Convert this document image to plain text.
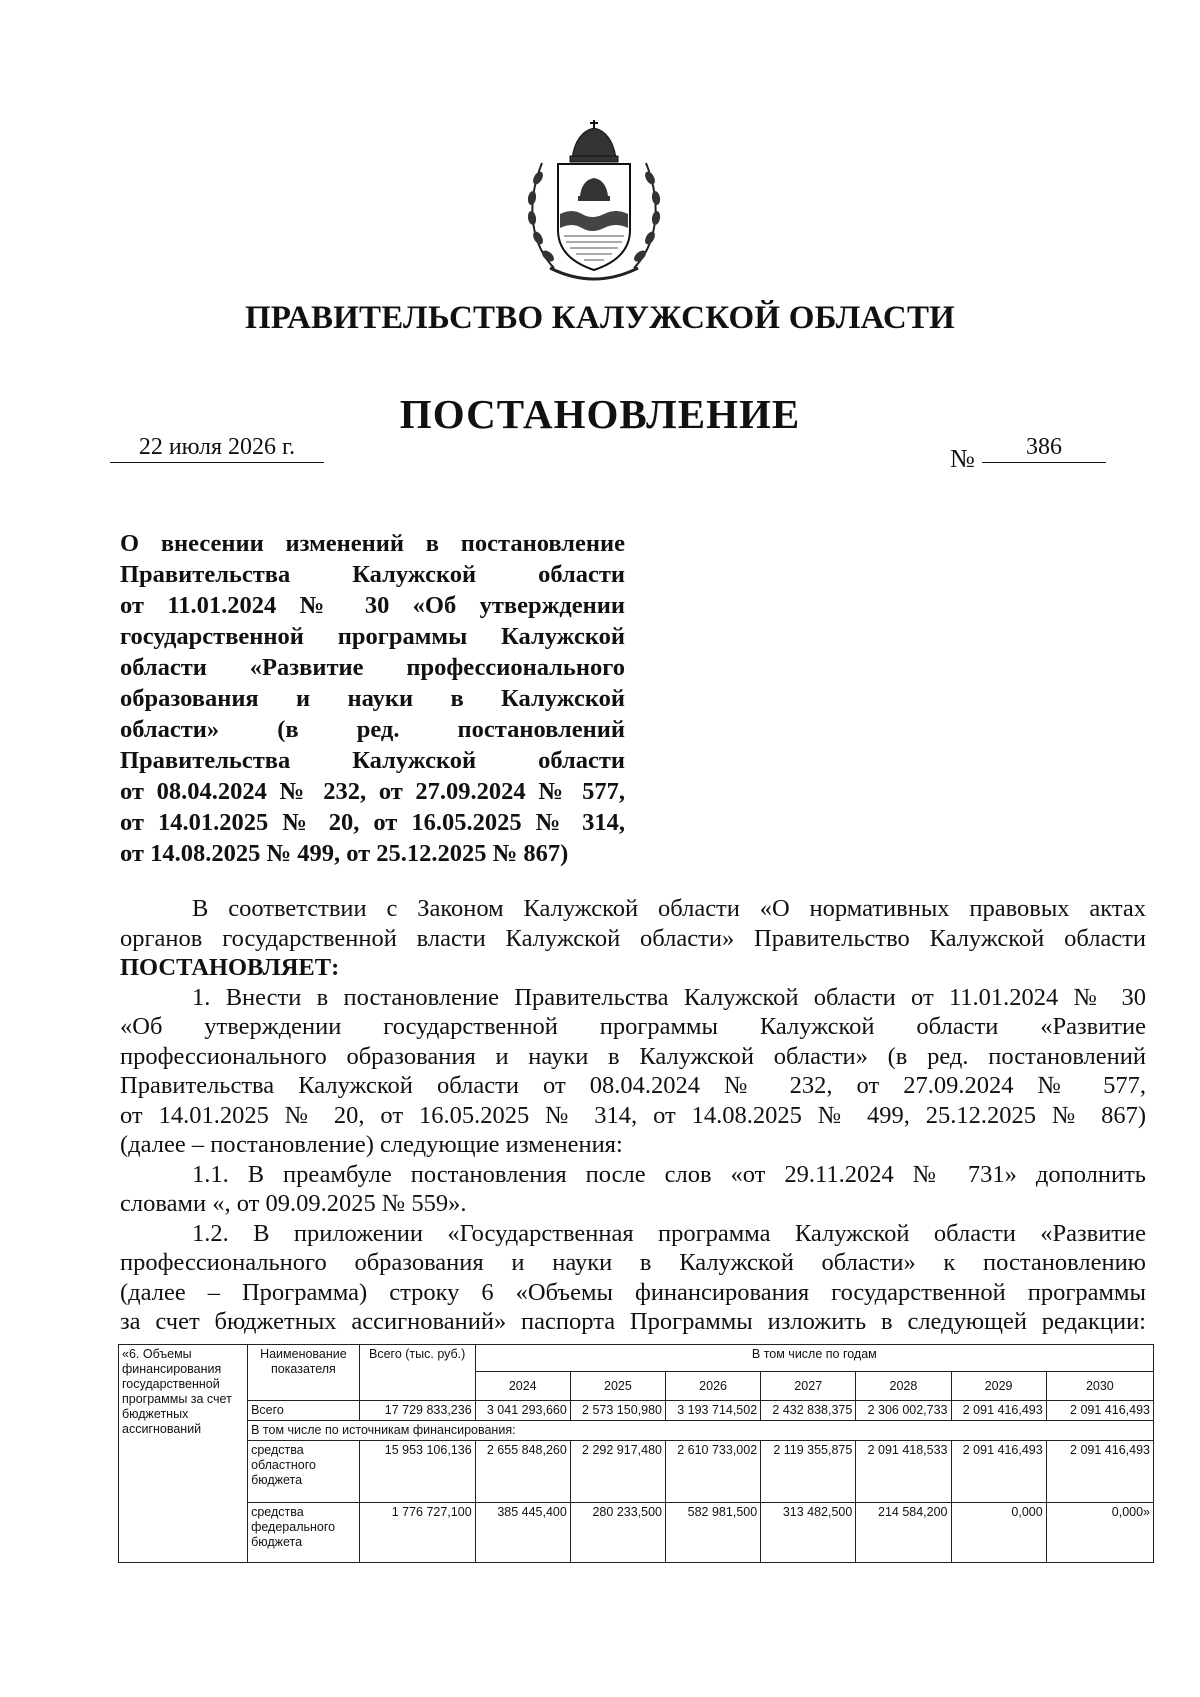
ПРАВИТЕЛЬСТВО КАЛУЖСКОЙ ОБЛАСТИ
ПОСТАНОВЛЕНИЕ
22 июля 2026 г.	№	386
О внесении изменений в постановление
Правительства Калужской области
от 11.01.2024 № 30 «Об утверждении
государственной программы Калужской
области «Развитие профессионального
образования и науки в Калужской
области» (в ред. постановлений
Правительства Калужской области
от 08.04.2024 № 232, от 27.09.2024 № 577,
от 14.01.2025 № 20, от 16.05.2025 № 314,
от 14.08.2025 № 499, от 25.12.2025 № 867)
В соответствии с Законом Калужской области «О нормативных правовых актах
органов государственной власти Калужской области» Правительство Калужской области
ПОСТАНОВЛЯЕТ:
1. Внести в постановление Правительства Калужской области от 11.01.2024 № 30
«Об утверждении государственной программы Калужской области «Развитие
профессионального образования и науки в Калужской области» (в ред. постановлений
Правительства Калужской области от 08.04.2024 № 232, от 27.09.2024 № 577,
от 14.01.2025 № 20, от 16.05.2025 № 314, от 14.08.2025 № 499, 25.12.2025 № 867)
(далее – постановление) следующие изменения:
1.1. В преамбуле постановления после слов «от 29.11.2024 № 731» дополнить
словами «, от 09.09.2025 № 559».
1.2. В приложении «Государственная программа Калужской области «Развитие
профессионального образования и науки в Калужской области» к постановлению
(далее – Программа) строку 6 «Объемы финансирования государственной программы
за счет бюджетных ассигнований» паспорта Программы изложить в следующей редакции:
«6. Объемы финансирования государственной программы за счет бюджетных ассигнований	Наименование показателя	Всего (тыс. руб.)	В том числе по годам						
			2024	2025	2026	2027	2028	2029	2030
	Всего	17 729 833,236	3 041 293,660	2 573 150,980	3 193 714,502	2 432 838,375	2 306 002,733	2 091 416,493	2 091 416,493
	В том числе по источникам финансирования:								
	средства областного бюджета	15 953 106,136	2 655 848,260	2 292 917,480	2 610 733,002	2 119 355,875	2 091 418,533	2 091 416,493	2 091 416,493
	средства федерального бюджета	1 776 727,100	385 445,400	280 233,500	582 981,500	313 482,500	214 584,200	0,000	0,000»
